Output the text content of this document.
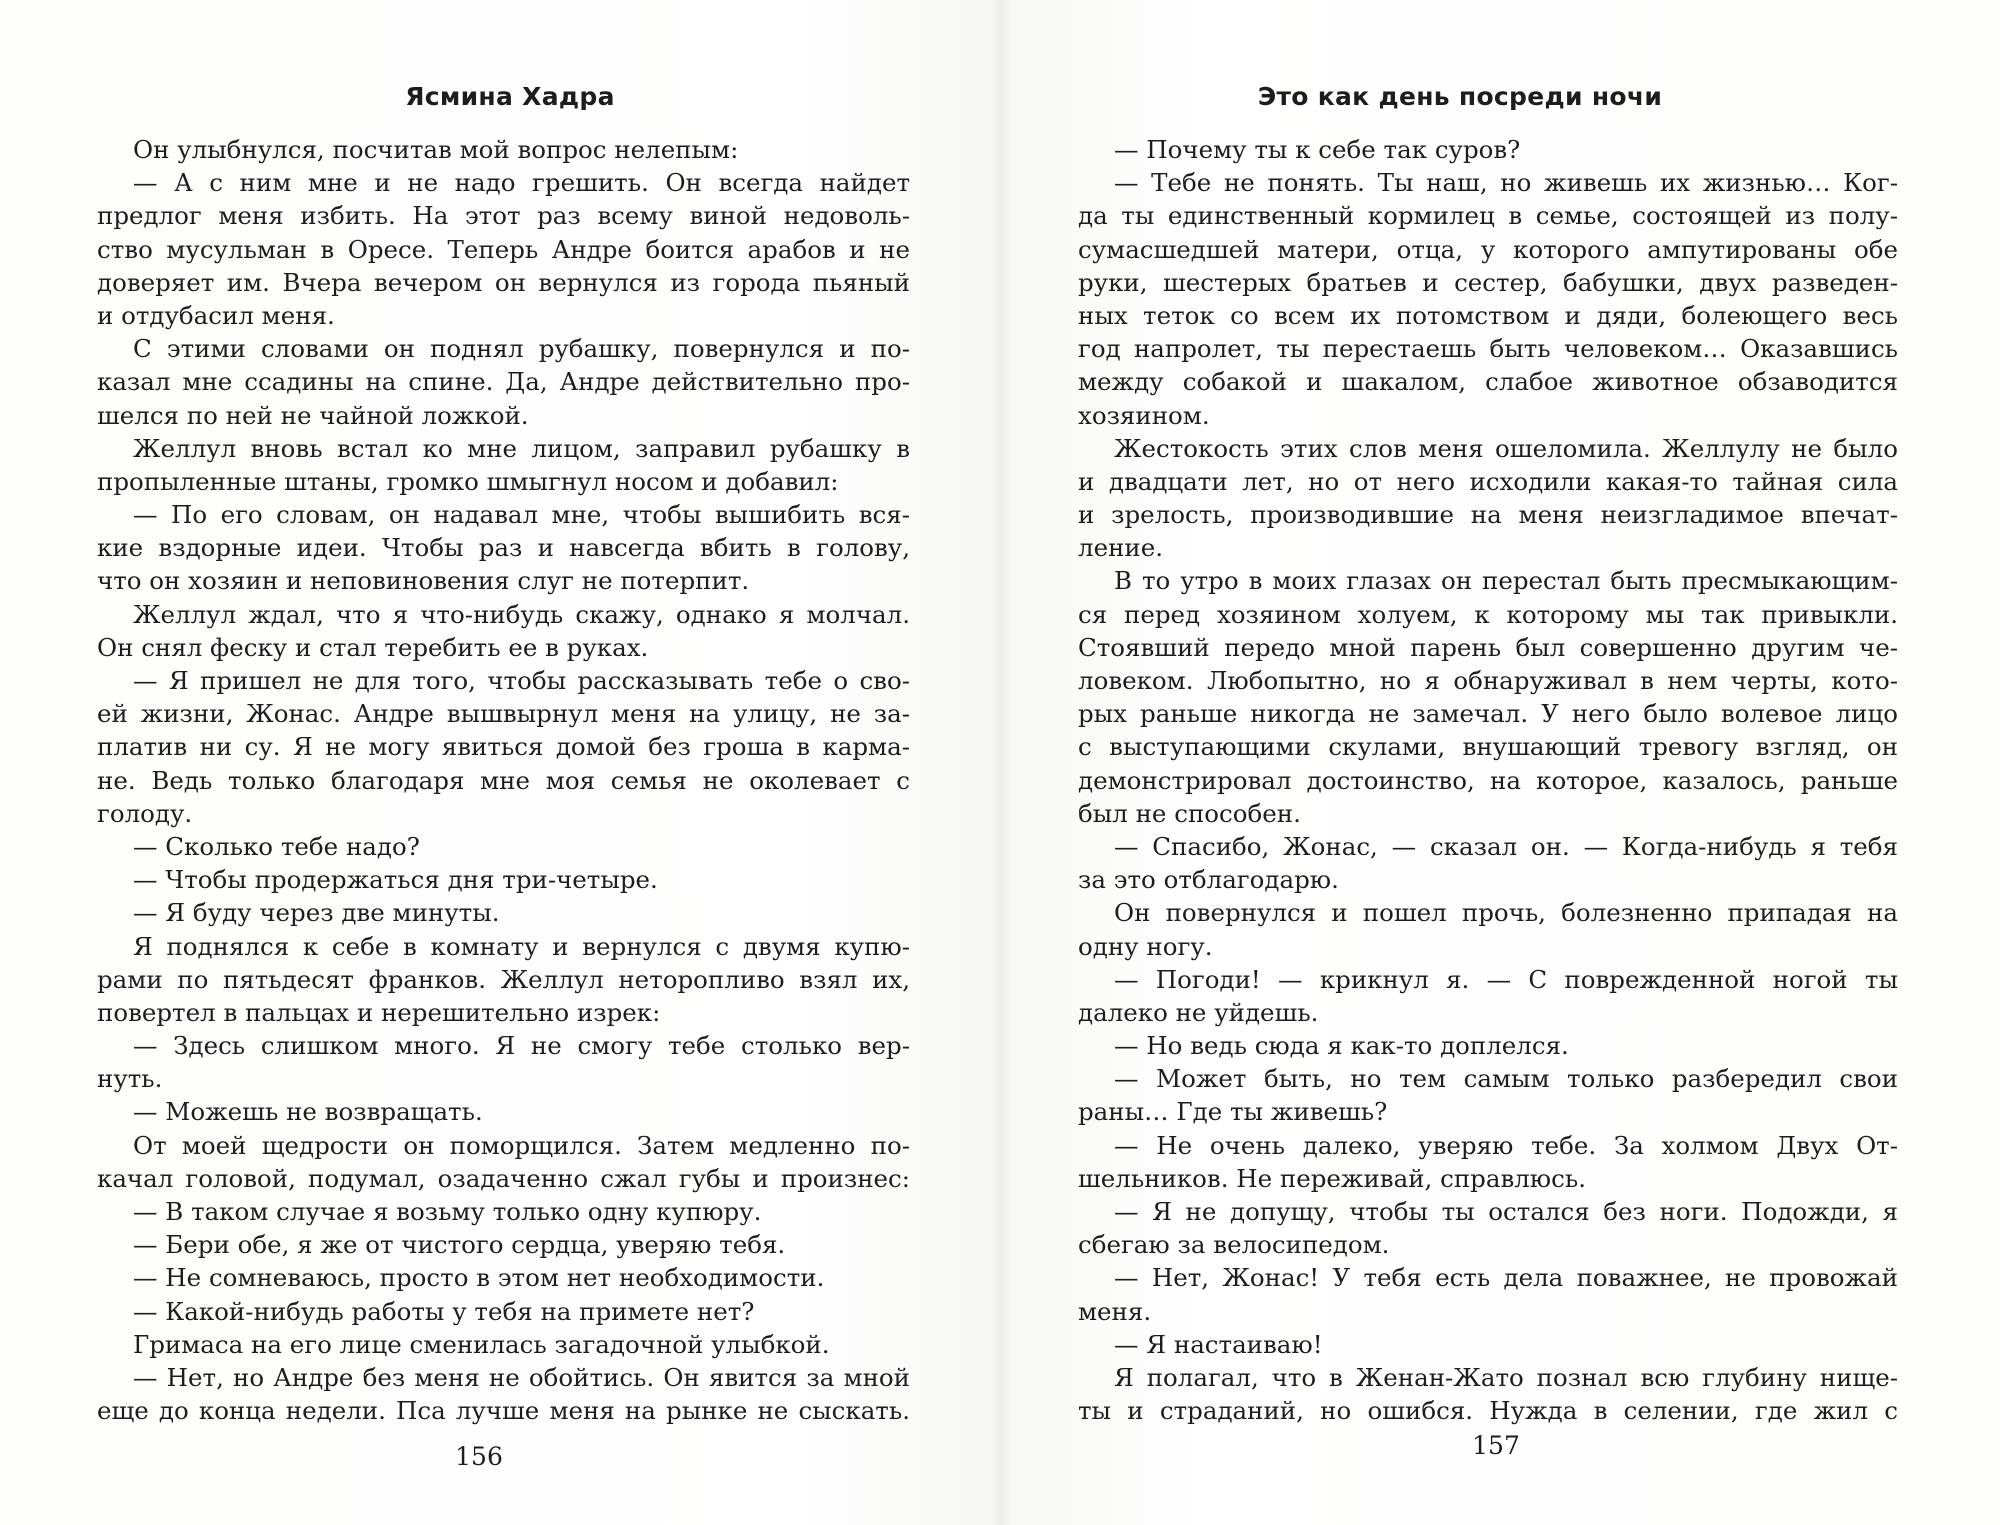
Ясмина Хадра
Он улыбнулся, посчитав мой вопрос нелепым:
— А с ним мне и не надо грешить. Он всегда найдет
предлог меня избить. На этот раз всему виной недоволь-
ство мусульман в Оресе. Теперь Андре боится арабов и не
доверяет им. Вчера вечером он вернулся из города пьяный
и отдубасил меня.
С этими словами он поднял рубашку, повернулся и по-
казал мне ссадины на спине. Да, Андре действительно про-
шелся по ней не чайной ложкой.
Желлул вновь встал ко мне лицом, заправил рубашку в
пропыленные штаны, громко шмыгнул носом и добавил:
— По его словам, он надавал мне, чтобы вышибить вся-
кие вздорные идеи. Чтобы раз и навсегда вбить в голову,
что он хозяин и неповиновения слуг не потерпит.
Желлул ждал, что я что-нибудь скажу, однако я молчал.
Он снял феску и стал теребить ее в руках.
— Я пришел не для того, чтобы рассказывать тебе о сво-
ей жизни, Жонас. Андре вышвырнул меня на улицу, не за-
платив ни су. Я не могу явиться домой без гроша в карма-
не. Ведь только благодаря мне моя семья не околевает с
голоду.
— Сколько тебе надо?
— Чтобы продержаться дня три-четыре.
— Я буду через две минуты.
Я поднялся к себе в комнату и вернулся с двумя купю-
рами по пятьдесят франков. Желлул неторопливо взял их,
повертел в пальцах и нерешительно изрек:
— Здесь слишком много. Я не смогу тебе столько вер-
нуть.
— Можешь не возвращать.
От моей щедрости он поморщился. Затем медленно по-
качал головой, подумал, озадаченно сжал губы и произнес:
— В таком случае я возьму только одну купюру.
— Бери обе, я же от чистого сердца, уверяю тебя.
— Не сомневаюсь, просто в этом нет необходимости.
— Какой-нибудь работы у тебя на примете нет?
Гримаса на его лице сменилась загадочной улыбкой.
— Нет, но Андре без меня не обойтись. Он явится за мной
еще до конца недели. Пса лучше меня на рынке не сыскать.
156
Это как день посреди ночи
— Почему ты к себе так суров?
— Тебе не понять. Ты наш, но живешь их жизнью… Ког-
да ты единственный кормилец в семье, состоящей из полу-
сумасшедшей матери, отца, у которого ампутированы обе
руки, шестерых братьев и сестер, бабушки, двух разведен-
ных теток со всем их потомством и дяди, болеющего весь
год напролет, ты перестаешь быть человеком… Оказавшись
между собакой и шакалом, слабое животное обзаводится
хозяином.
Жестокость этих слов меня ошеломила. Желлулу не было
и двадцати лет, но от него исходили какая-то тайная сила
и зрелость, производившие на меня неизгладимое впечат-
ление.
В то утро в моих глазах он перестал быть пресмыкающим-
ся перед хозяином холуем, к которому мы так привыкли.
Стоявший передо мной парень был совершенно другим че-
ловеком. Любопытно, но я обнаруживал в нем черты, кото-
рых раньше никогда не замечал. У него было волевое лицо
с выступающими скулами, внушающий тревогу взгляд, он
демонстрировал достоинство, на которое, казалось, раньше
был не способен.
— Спасибо, Жонас, — сказал он. — Когда-нибудь я тебя
за это отблагодарю.
Он повернулся и пошел прочь, болезненно припадая на
одну ногу.
— Погоди! — крикнул я. — С поврежденной ногой ты
далеко не уйдешь.
— Но ведь сюда я как-то доплелся.
— Может быть, но тем самым только разбередил свои
раны… Где ты живешь?
— Не очень далеко, уверяю тебе. За холмом Двух От-
шельников. Не переживай, справлюсь.
— Я не допущу, чтобы ты остался без ноги. Подожди, я
сбегаю за велосипедом.
— Нет, Жонас! У тебя есть дела поважнее, не провожай
меня.
— Я настаиваю!
Я полагал, что в Женан-Жато познал всю глубину нище-
ты и страданий, но ошибся. Нужда в селении, где жил с
157
